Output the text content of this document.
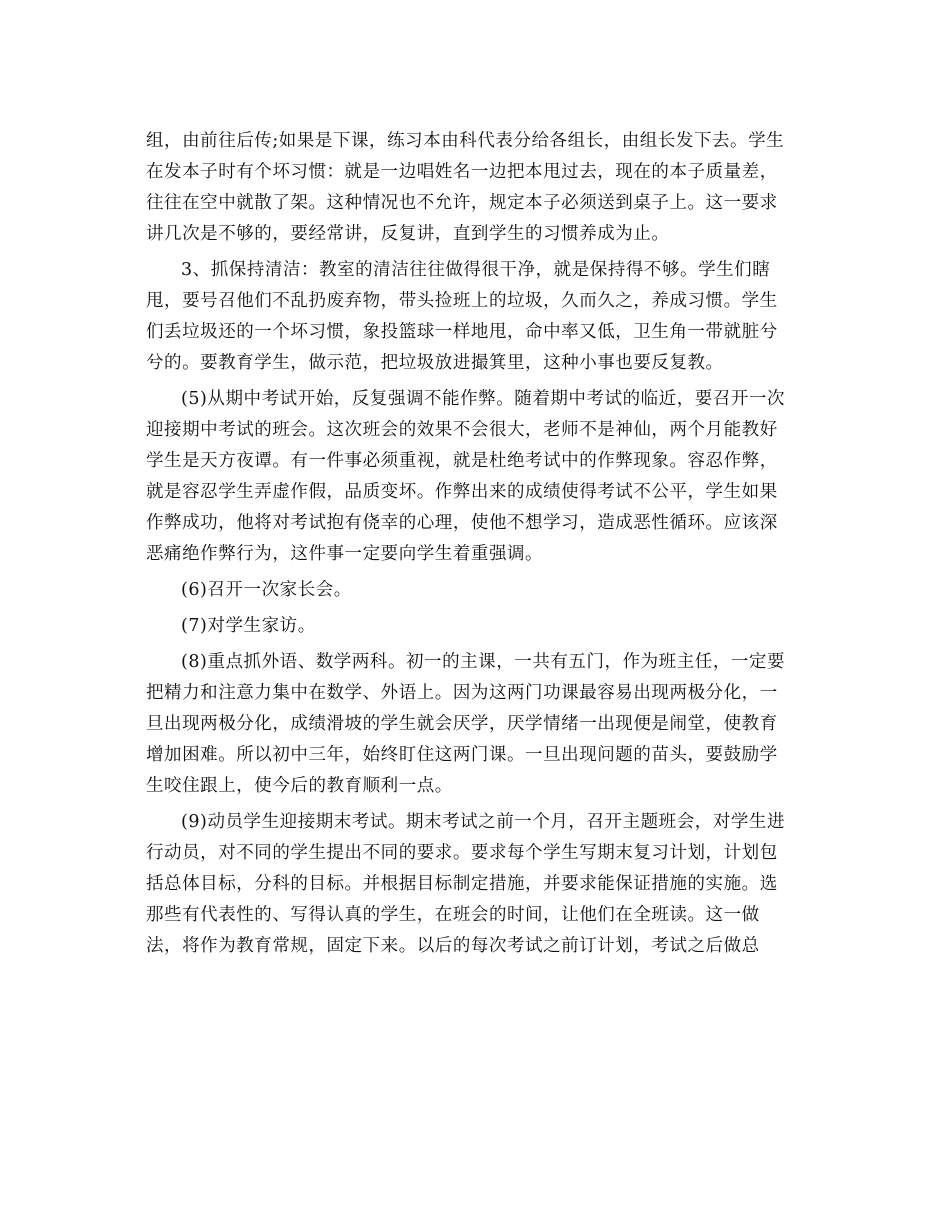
组，由前往后传;如果是下课，练习本由科代表分给各组长，由组长发下去。学生
在发本子时有个坏习惯：就是一边唱姓名一边把本甩过去，现在的本子质量差，
往往在空中就散了架。这种情况也不允许，规定本子必须送到桌子上。这一要求
讲几次是不够的，要经常讲，反复讲，直到学生的习惯养成为止。
3、抓保持清洁：教室的清洁往往做得很干净，就是保持得不够。学生们瞎
甩，要号召他们不乱扔废弃物，带头捡班上的垃圾，久而久之，养成习惯。学生
们丢垃圾还的一个坏习惯，象投篮球一样地甩，命中率又低，卫生角一带就脏兮
兮的。要教育学生，做示范，把垃圾放进撮箕里，这种小事也要反复教。
(5)从期中考试开始，反复强调不能作弊。随着期中考试的临近，要召开一次
迎接期中考试的班会。这次班会的效果不会很大，老师不是神仙，两个月能教好
学生是天方夜谭。有一件事必须重视，就是杜绝考试中的作弊现象。容忍作弊，
就是容忍学生弄虚作假，品质变坏。作弊出来的成绩使得考试不公平，学生如果
作弊成功，他将对考试抱有侥幸的心理，使他不想学习，造成恶性循环。应该深
恶痛绝作弊行为，这件事一定要向学生着重强调。
(6)召开一次家长会。
(7)对学生家访。
(8)重点抓外语、数学两科。初一的主课，一共有五门，作为班主任，一定要
把精力和注意力集中在数学、外语上。因为这两门功课最容易出现两极分化，一
旦出现两极分化，成绩滑坡的学生就会厌学，厌学情绪一出现便是闹堂，使教育
增加困难。所以初中三年，始终盯住这两门课。一旦出现问题的苗头，要鼓励学
生咬住跟上，使今后的教育顺利一点。
(9)动员学生迎接期末考试。期末考试之前一个月，召开主题班会，对学生进
行动员，对不同的学生提出不同的要求。要求每个学生写期末复习计划，计划包
括总体目标，分科的目标。并根据目标制定措施，并要求能保证措施的实施。选
那些有代表性的、写得认真的学生，在班会的时间，让他们在全班读。这一做
法，将作为教育常规，固定下来。以后的每次考试之前订计划，考试之后做总
